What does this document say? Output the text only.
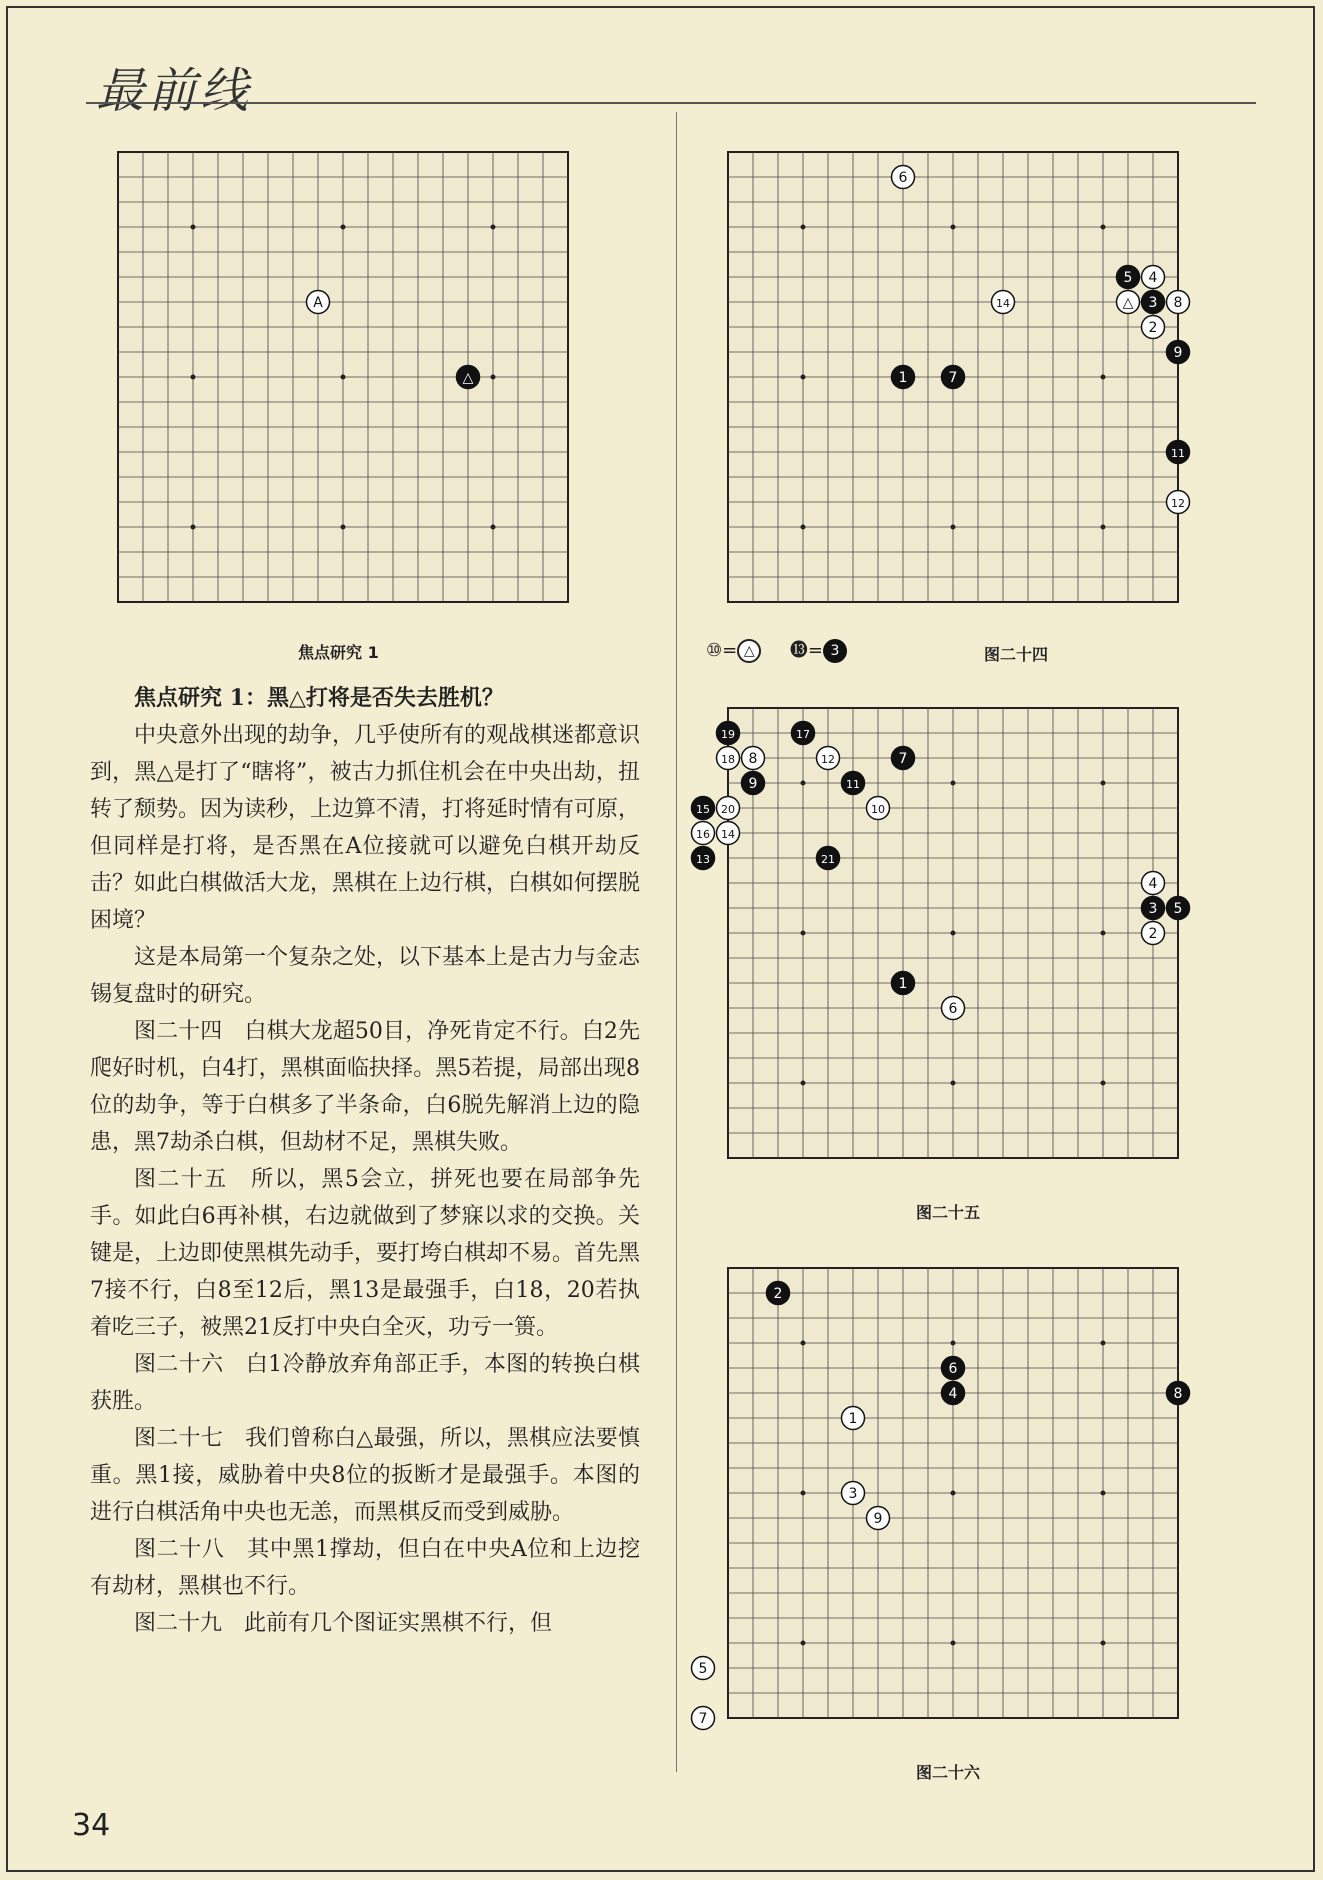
最前线
A
△
焦点研究 1
6
4
5
3 8
△
2
9
14
1	7
11
12
⑩= △ ⓭= 3	图二十四
19	17
18 8	12	7
9	11
15 20	10
16 14
13	21
4
3 5
2
1
6
图二十五
2
6
4	8
1
3
9
5
7
图二十六

焦点研究 1：黑△打将是否失去胜机？

中央意外出现的劫争，几乎使所有的观战棋迷都意识到，黑△是打了“瞎将”，被古力抓住机会在中央出劫，扭转了颓势。因为读秒，上边算不清，打将延时情有可原，但同样是打将，是否黑在A位接就可以避免白棋开劫反击？如此白棋做活大龙，黑棋在上边行棋，白棋如何摆脱困境？

这是本局第一个复杂之处，以下基本上是古力与金志锡复盘时的研究。

图二十四　白棋大龙超50目，净死肯定不行。白2先爬好时机，白4打，黑棋面临抉择。黑5若提，局部出现8位的劫争，等于白棋多了半条命，白6脱先解消上边的隐患，黑7劫杀白棋，但劫材不足，黑棋失败。

图二十五　所以，黑5会立，拼死也要在局部争先手。如此白6再补棋，右边就做到了梦寐以求的交换。关键是，上边即使黑棋先动手，要打垮白棋却不易。首先黑7接不行，白8至12后，黑13是最强手，白18，20若执着吃三子，被黑21反打中央白全灭，功亏一篑。

图二十六　白1冷静放弃角部正手，本图的转换白棋获胜。

图二十七　我们曾称白△最强，所以，黑棋应法要慎重。黑1接，威胁着中央8位的扳断才是最强手。本图的进行白棋活角中央也无恙，而黑棋反而受到威胁。

图二十八　其中黑1撑劫，但白在中央A位和上边挖有劫材，黑棋也不行。

图二十九　此前有几个图证实黑棋不行，但

34
